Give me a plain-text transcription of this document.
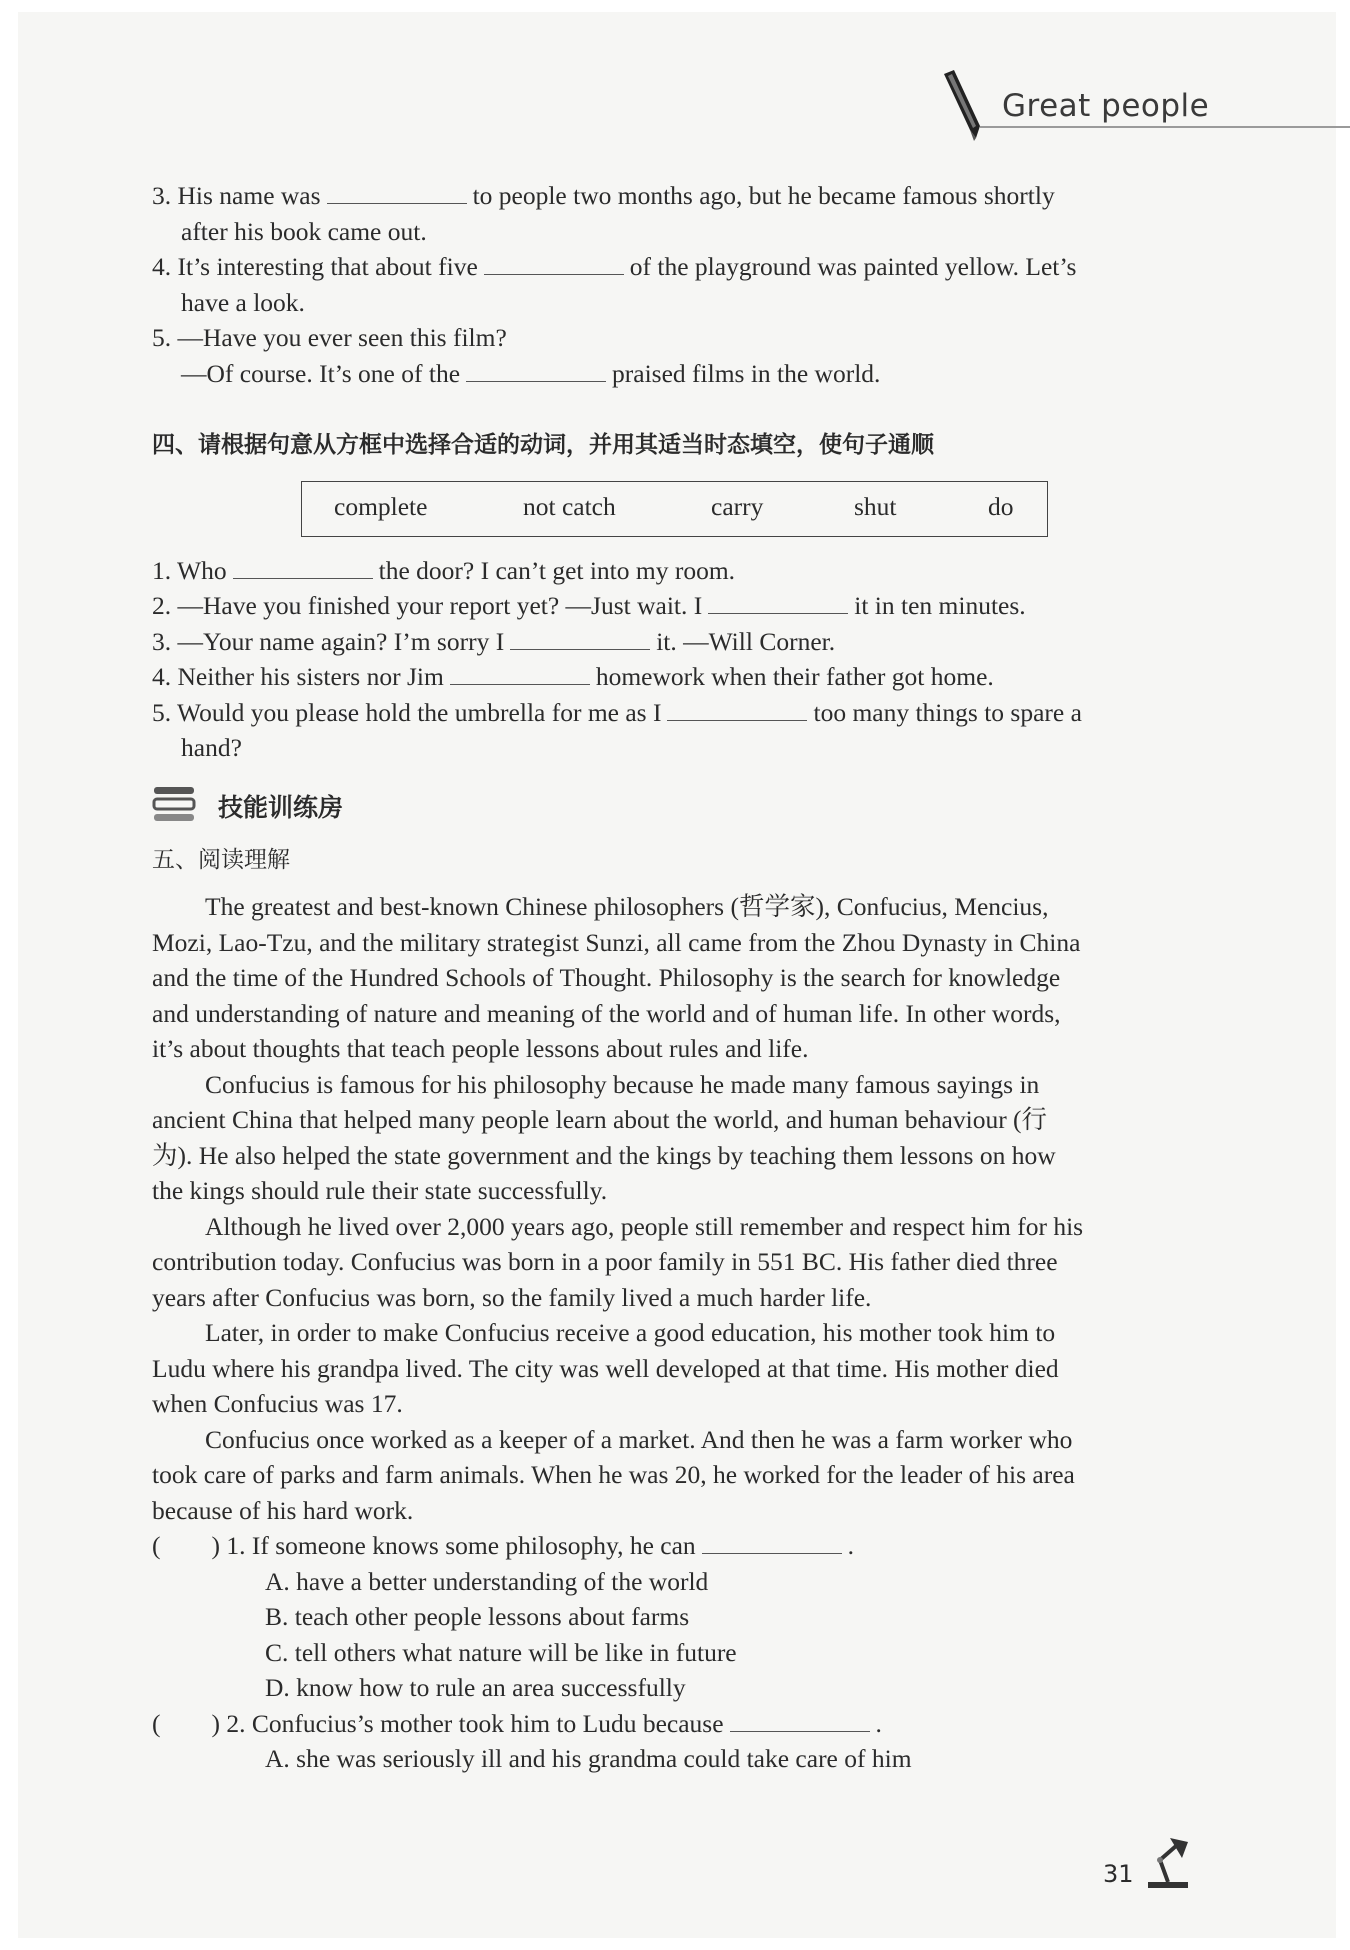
Great people
3. His name was	to people two months ago, but he became famous shortly
after his book came out.
4. It’s interesting that about five	of the playground was painted yellow. Let’s
have a look.
5. —Have you ever seen this film?
—Of course. It’s one of the	praised films in the world.
四、请根据句意从方框中选择合适的动词，并用其适当时态填空，使句子通顺
complete	not catch	carry	shut	do
1. Who	the door? I can’t get into my room.
2. —Have you finished your report yet? —Just wait. I	it in ten minutes.
3. —Your name again? I’m sorry I	it. —Will Corner.
4. Neither his sisters nor Jim	homework when their father got home.
5. Would you please hold the umbrella for me as I	too many things to spare a
hand?
技能训练房
五、阅读理解
The greatest and best-known Chinese philosophers (哲学家), Confucius, Mencius,
Mozi, Lao-Tzu, and the military strategist Sunzi, all came from the Zhou Dynasty in China
and the time of the Hundred Schools of Thought. Philosophy is the search for knowledge
and understanding of nature and meaning of the world and of human life. In other words,
it’s about thoughts that teach people lessons about rules and life.
Confucius is famous for his philosophy because he made many famous sayings in
ancient China that helped many people learn about the world, and human behaviour (行
为). He also helped the state government and the kings by teaching them lessons on how
the kings should rule their state successfully.
Although he lived over 2,000 years ago, people still remember and respect him for his
contribution today. Confucius was born in a poor family in 551 BC. His father died three
years after Confucius was born, so the family lived a much harder life.
Later, in order to make Confucius receive a good education, his mother took him to
Ludu where his grandpa lived. The city was well developed at that time. His mother died
when Confucius was 17.
Confucius once worked as a keeper of a market. And then he was a farm worker who
took care of parks and farm animals. When he was 20, he worked for the leader of his area
because of his hard work.
(        ) 1. If someone knows some philosophy, he can	.
A. have a better understanding of the world
B. teach other people lessons about farms
C. tell others what nature will be like in future
D. know how to rule an area successfully
(        ) 2. Confucius’s mother took him to Ludu because	.
A. she was seriously ill and his grandma could take care of him
31
